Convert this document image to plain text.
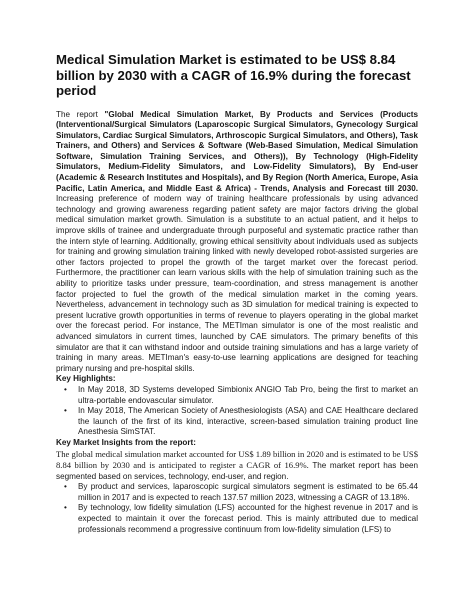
Medical Simulation Market is estimated to be US$ 8.84 billion by 2030 with a CAGR of 16.9% during the forecast period

The report "Global Medical Simulation Market, By Products and Services (Products (Interventional/Surgical Simulators (Laparoscopic Surgical Simulators, Gynecology Surgical Simulators, Cardiac Surgical Simulators, Arthroscopic Surgical Simulators, and Others), Task Trainers, and Others) and Services & Software (Web-Based Simulation, Medical Simulation Software, Simulation Training Services, and Others)), By Technology (High-Fidelity Simulators, Medium-Fidelity Simulators, and Low-Fidelity Simulators), By End-user (Academic & Research Institutes and Hospitals), and By Region (North America, Europe, Asia Pacific, Latin America, and Middle East & Africa) - Trends, Analysis and Forecast till 2030. Increasing preference of modern way of training healthcare professionals by using advanced technology and growing awareness regarding patient safety are major factors driving the global medical simulation market growth. Simulation is a substitute to an actual patient, and it helps to improve skills of trainee and undergraduate through purposeful and systematic practice rather than the intern style of learning. Additionally, growing ethical sensitivity about individuals used as subjects for training and growing simulation training linked with newly developed robot-assisted surgeries are other factors projected to propel the growth of the target market over the forecast period. Furthermore, the practitioner can learn various skills with the help of simulation training such as the ability to prioritize tasks under pressure, team-coordination, and stress management is another factor projected to fuel the growth of the medical simulation market in the coming years. Nevertheless, advancement in technology such as 3D simulation for medical training is expected to present lucrative growth opportunities in terms of revenue to players operating in the global market over the forecast period. For instance, The METIman simulator is one of the most realistic and advanced simulators in current times, launched by CAE simulators. The primary benefits of this simulator are that it can withstand indoor and outside training simulations and has a large variety of training in many areas. METIman's easy-to-use learning applications are designed for teaching primary nursing and pre-hospital skills.

Key Highlights:

• In May 2018, 3D Systems developed Simbionix ANGIO Tab Pro, being the first to market an ultra-portable endovascular simulator.
• In May 2018, The American Society of Anesthesiologists (ASA) and CAE Healthcare declared the launch of the first of its kind, interactive, screen-based simulation training product line Anesthesia SimSTAT.

Key Market Insights from the report:

The global medical simulation market accounted for US$ 1.89 billion in 2020 and is estimated to be US$ 8.84 billion by 2030 and is anticipated to register a CAGR of 16.9%. The market report has been segmented based on services, technology, end-user, and region.

• By product and services, laparoscopic surgical simulators segment is estimated to be 65.44 million in 2017 and is expected to reach 137.57 million 2023, witnessing a CAGR of 13.18%.
• By technology, low fidelity simulation (LFS) accounted for the highest revenue in 2017 and is expected to maintain it over the forecast period. This is mainly attributed due to medical professionals recommend a progressive continuum from low-fidelity simulation (LFS) to
